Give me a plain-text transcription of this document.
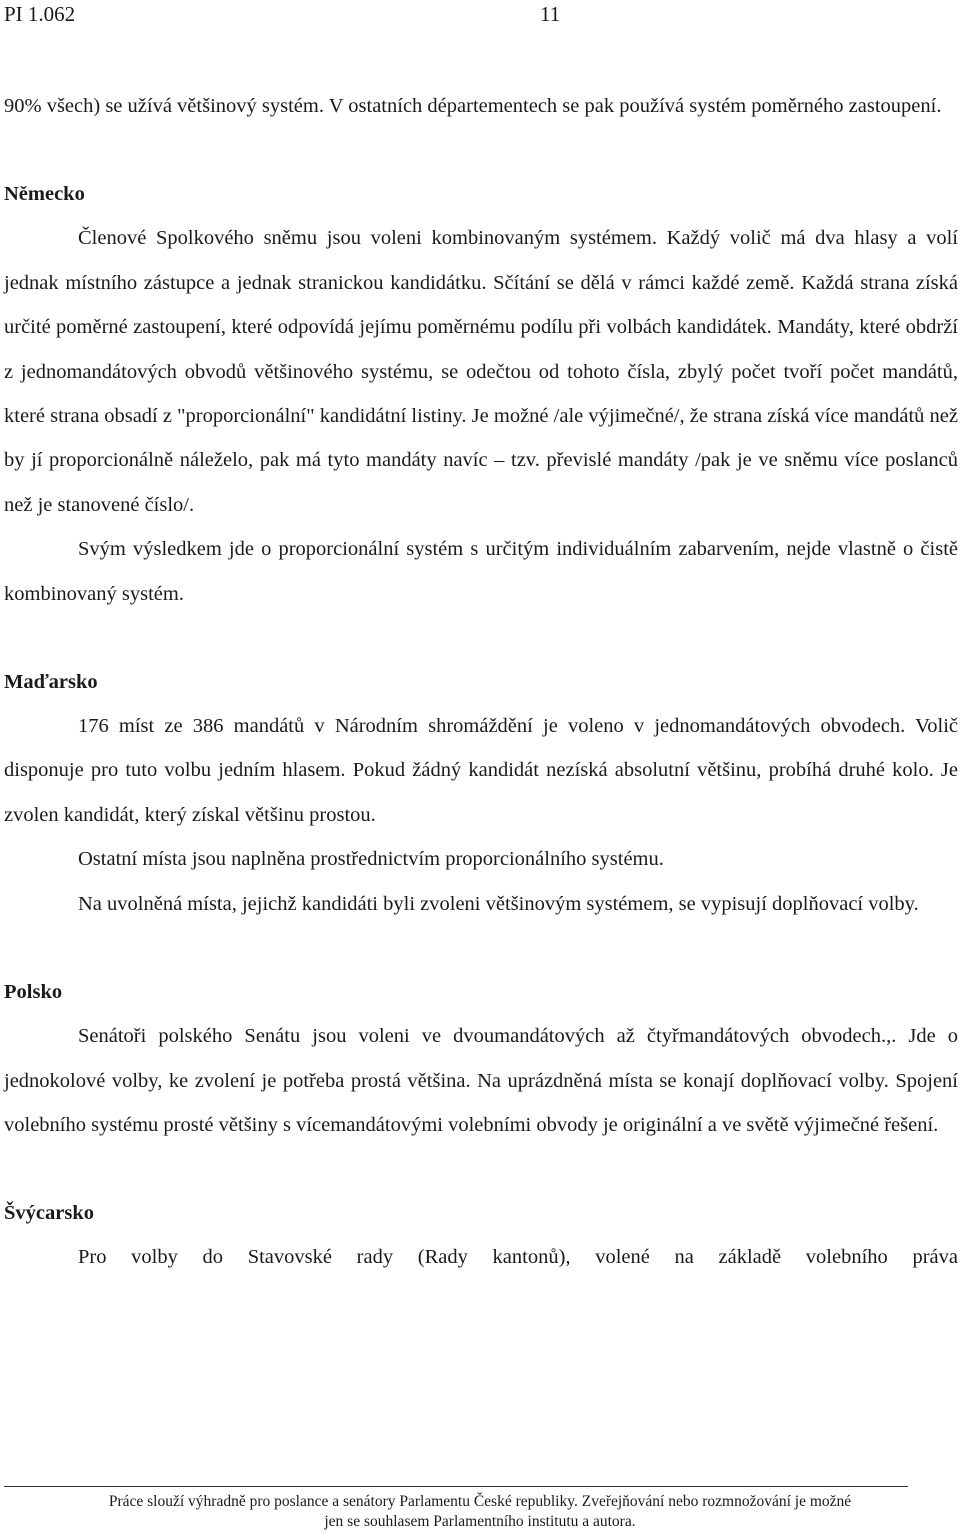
PI 1.062	11

90% všech) se užívá většinový systém. V ostatních départementech se pak používá systém poměrného zastoupení.

Německo

Členové Spolkového sněmu jsou voleni kombinovaným systémem. Každý volič má dva hlasy a volí jednak místního zástupce a jednak stranickou kandidátku. Sčítání se dělá v rámci každé země. Každá strana získá určité poměrné zastoupení, které odpovídá jejímu poměrnému podílu při volbách kandidátek. Mandáty, které obdrží z jednomandátových obvodů většinového systému, se odečtou od tohoto čísla, zbylý počet tvoří počet mandátů, které strana obsadí z "proporcionální" kandidátní listiny. Je možné /ale výjimečné/, že strana získá více mandátů než by jí proporcionálně náleželo, pak má tyto mandáty navíc – tzv. převislé mandáty /pak je ve sněmu více poslanců než je stanovené číslo/.

Svým výsledkem jde o proporcionální systém s určitým individuálním zabarvením, nejde vlastně o čistě kombinovaný systém.

Maďarsko

176 míst ze 386 mandátů v Národním shromáždění je voleno v jednomandátových obvodech. Volič disponuje pro tuto volbu jedním hlasem. Pokud žádný kandidát nezíská absolutní většinu, probíhá druhé kolo. Je zvolen kandidát, který získal většinu prostou.

Ostatní místa jsou naplněna prostřednictvím proporcionálního systému.

Na uvolněná místa, jejichž kandidáti byli zvoleni většinovým systémem, se vypisují doplňovací volby.

Polsko

Senátoři polského Senátu jsou voleni ve dvoumandátových až čtyřmandátových obvodech.,. Jde o jednokolové volby, ke zvolení je potřeba prostá většina. Na uprázdněná místa se konají doplňovací volby. Spojení volebního systému prosté většiny s vícemandátovými volebními obvody je originální a ve světě výjimečné řešení.

Švýcarsko

Pro volby do Stavovské rady (Rady kantonů), volené na základě volebního práva

Práce slouží výhradně pro poslance a senátory Parlamentu České republiky. Zveřejňování nebo rozmnožování je možné
jen se souhlasem Parlamentního institutu a autora.
